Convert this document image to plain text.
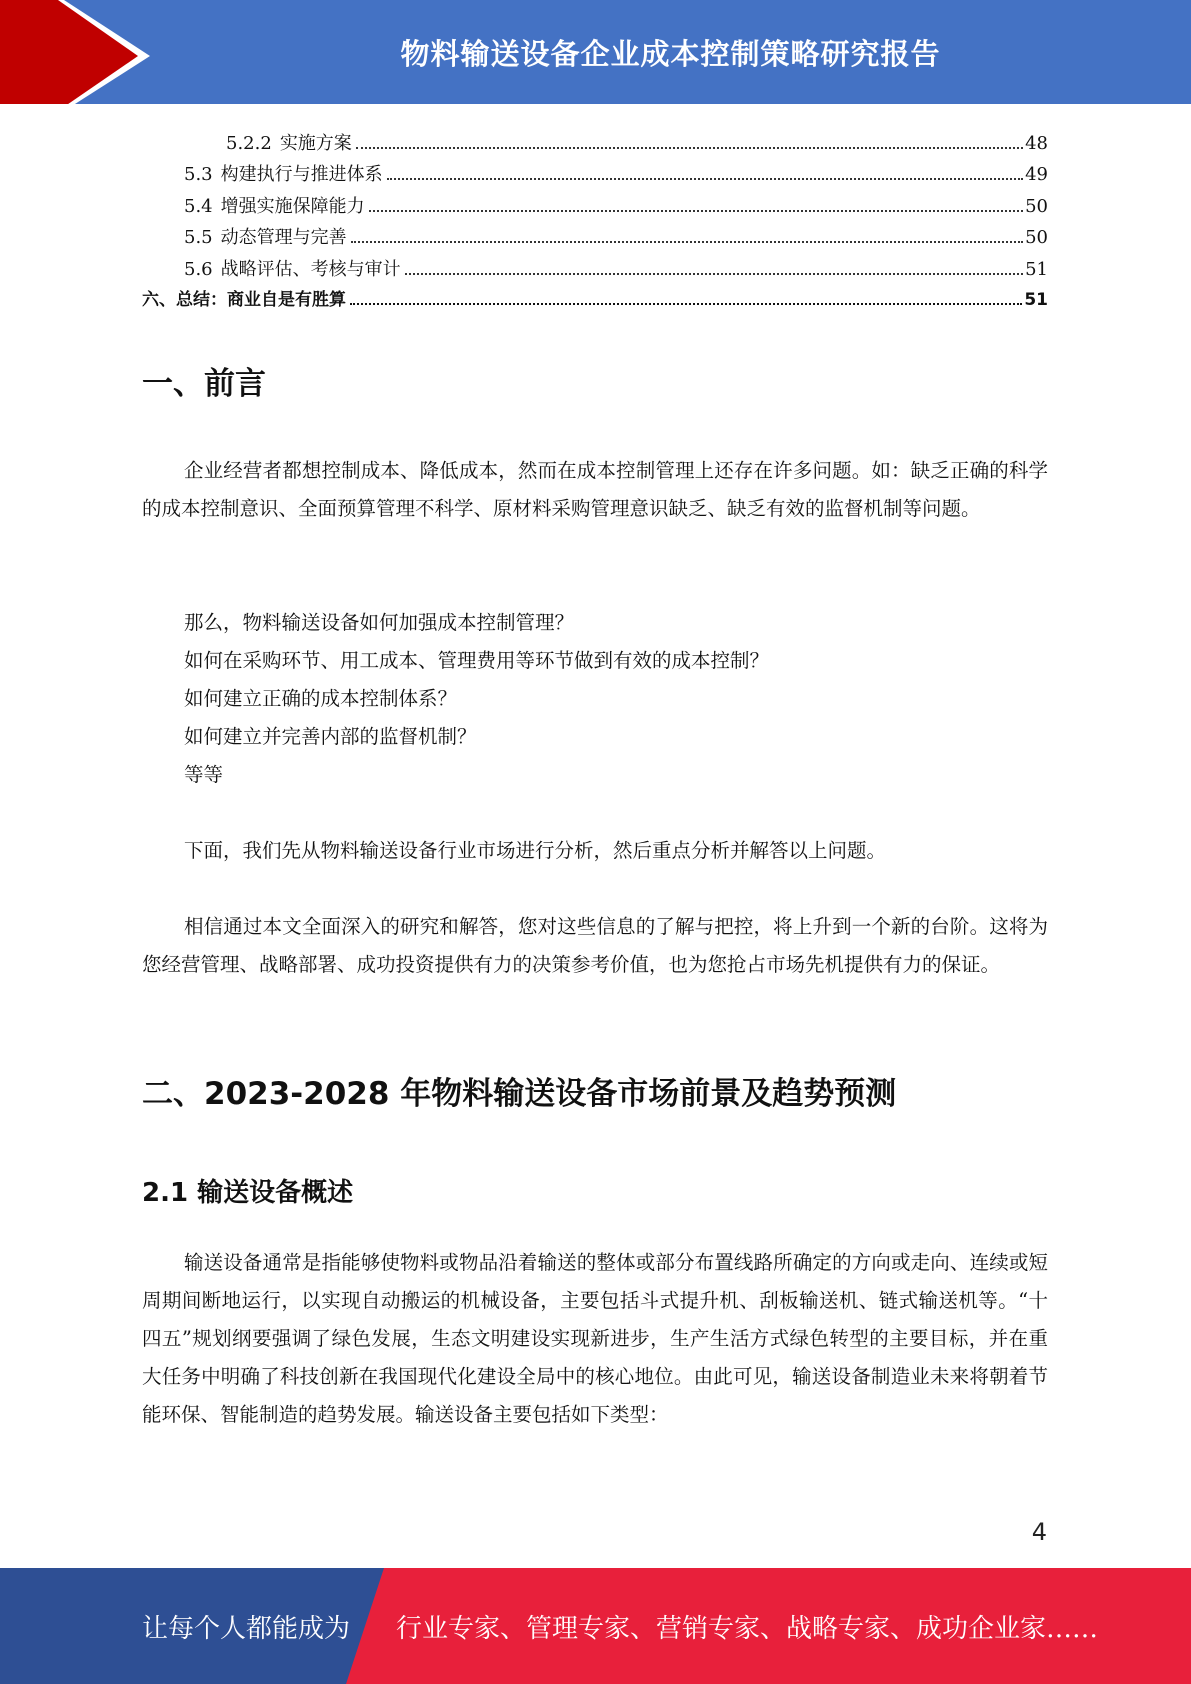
物料输送设备企业成本控制策略研究报告
5.2.2 实施方案	48
5.3 构建执行与推进体系	49
5.4 增强实施保障能力	50
5.5 动态管理与完善	50
5.6 战略评估、考核与审计	51
六、总结：商业自是有胜算	51
一、前言
企业经营者都想控制成本、降低成本，然而在成本控制管理上还存在许多问题。如：缺乏正确的科学的成本控制意识、全面预算管理不科学、原材料采购管理意识缺乏、缺乏有效的监督机制等问题。
那么，物料输送设备如何加强成本控制管理？
如何在采购环节、用工成本、管理费用等环节做到有效的成本控制？
如何建立正确的成本控制体系？
如何建立并完善内部的监督机制？
等等
下面，我们先从物料输送设备行业市场进行分析，然后重点分析并解答以上问题。
相信通过本文全面深入的研究和解答，您对这些信息的了解与把控，将上升到一个新的台阶。这将为您经营管理、战略部署、成功投资提供有力的决策参考价值，也为您抢占市场先机提供有力的保证。
二、2023-2028 年物料输送设备市场前景及趋势预测
2.1 输送设备概述
输送设备通常是指能够使物料或物品沿着输送的整体或部分布置线路所确定的方向或走向、连续或短周期间断地运行，以实现自动搬运的机械设备，主要包括斗式提升机、刮板输送机、链式输送机等。“十四五”规划纲要强调了绿色发展，生态文明建设实现新进步，生产生活方式绿色转型的主要目标，并在重大任务中明确了科技创新在我国现代化建设全局中的核心地位。由此可见，输送设备制造业未来将朝着节能环保、智能制造的趋势发展。输送设备主要包括如下类型：
4
让每个人都能成为 行业专家、管理专家、营销专家、战略专家、成功企业家……
